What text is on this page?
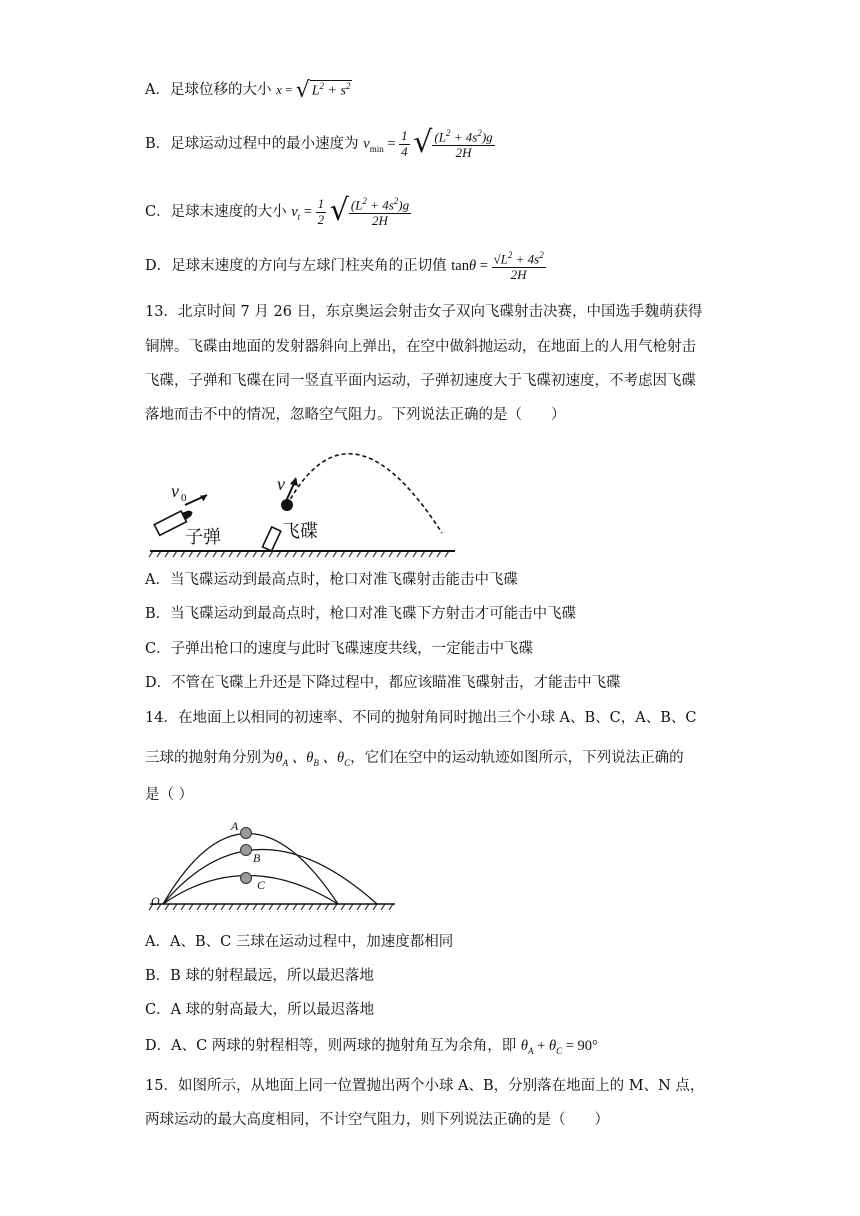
A．足球位移的大小 x = √ $L^2 + s^2$
B．足球运动过程中的最小速度为 $v_{min} = \frac{1}{4}$
√ $\frac{(L^2 + 4s^2)g}{2H}$
C．足球末速度的大小 $v_t = \frac{1}{2}$
√ $\frac{(L^2 + 4s^2)g}{2H}$
D．足球末速度的方向与左球门柱夹角的正切值 $\tan\theta = \frac{√L^2 + 4s^2}{2H}$
13．北京时间 7 月 26 日，东京奥运会射击女子双向飞碟射击决赛，中国选手魏萌获得
铜牌。飞碟由地面的发射器斜向上弹出，在空中做斜抛运动，在地面上的人用气枪射击
飞碟，子弹和飞碟在同一竖直平面内运动，子弹初速度大于飞碟初速度，不考虑因飞碟
落地而击不中的情况，忽略空气阻力。下列说法正确的是（　　）
v 0
子弹	飞碟
v
A．当飞碟运动到最高点时，枪口对准飞碟射击能击中飞碟
B．当飞碟运动到最高点时，枪口对准飞碟下方射击才可能击中飞碟
C．子弹出枪口的速度与此时飞碟速度共线，一定能击中飞碟
D．不管在飞碟上升还是下降过程中，都应该瞄准飞碟射击，才能击中飞碟
14．在地面上以相同的初速率、不同的抛射角同时抛出三个小球 A、B、C，A、B、C
三球的抛射角分别为$\theta_A$ 、$\theta_B$ 、$\theta_C$，它们在空中的运动轨迹如图所示，下列说法正确的
是（ ）
A
B
C
O
A．A、B、C 三球在运动过程中，加速度都相同
B．B 球的射程最远，所以最迟落地
C．A 球的射高最大，所以最迟落地
D．A、C 两球的射程相等，则两球的抛射角互为余角，即 $\theta_A + \theta_C = 90^\circ$
15．如图所示，从地面上同一位置抛出两个小球 A、B，分别落在地面上的 M、N 点，
两球运动的最大高度相同，不计空气阻力，则下列说法正确的是（　　）
